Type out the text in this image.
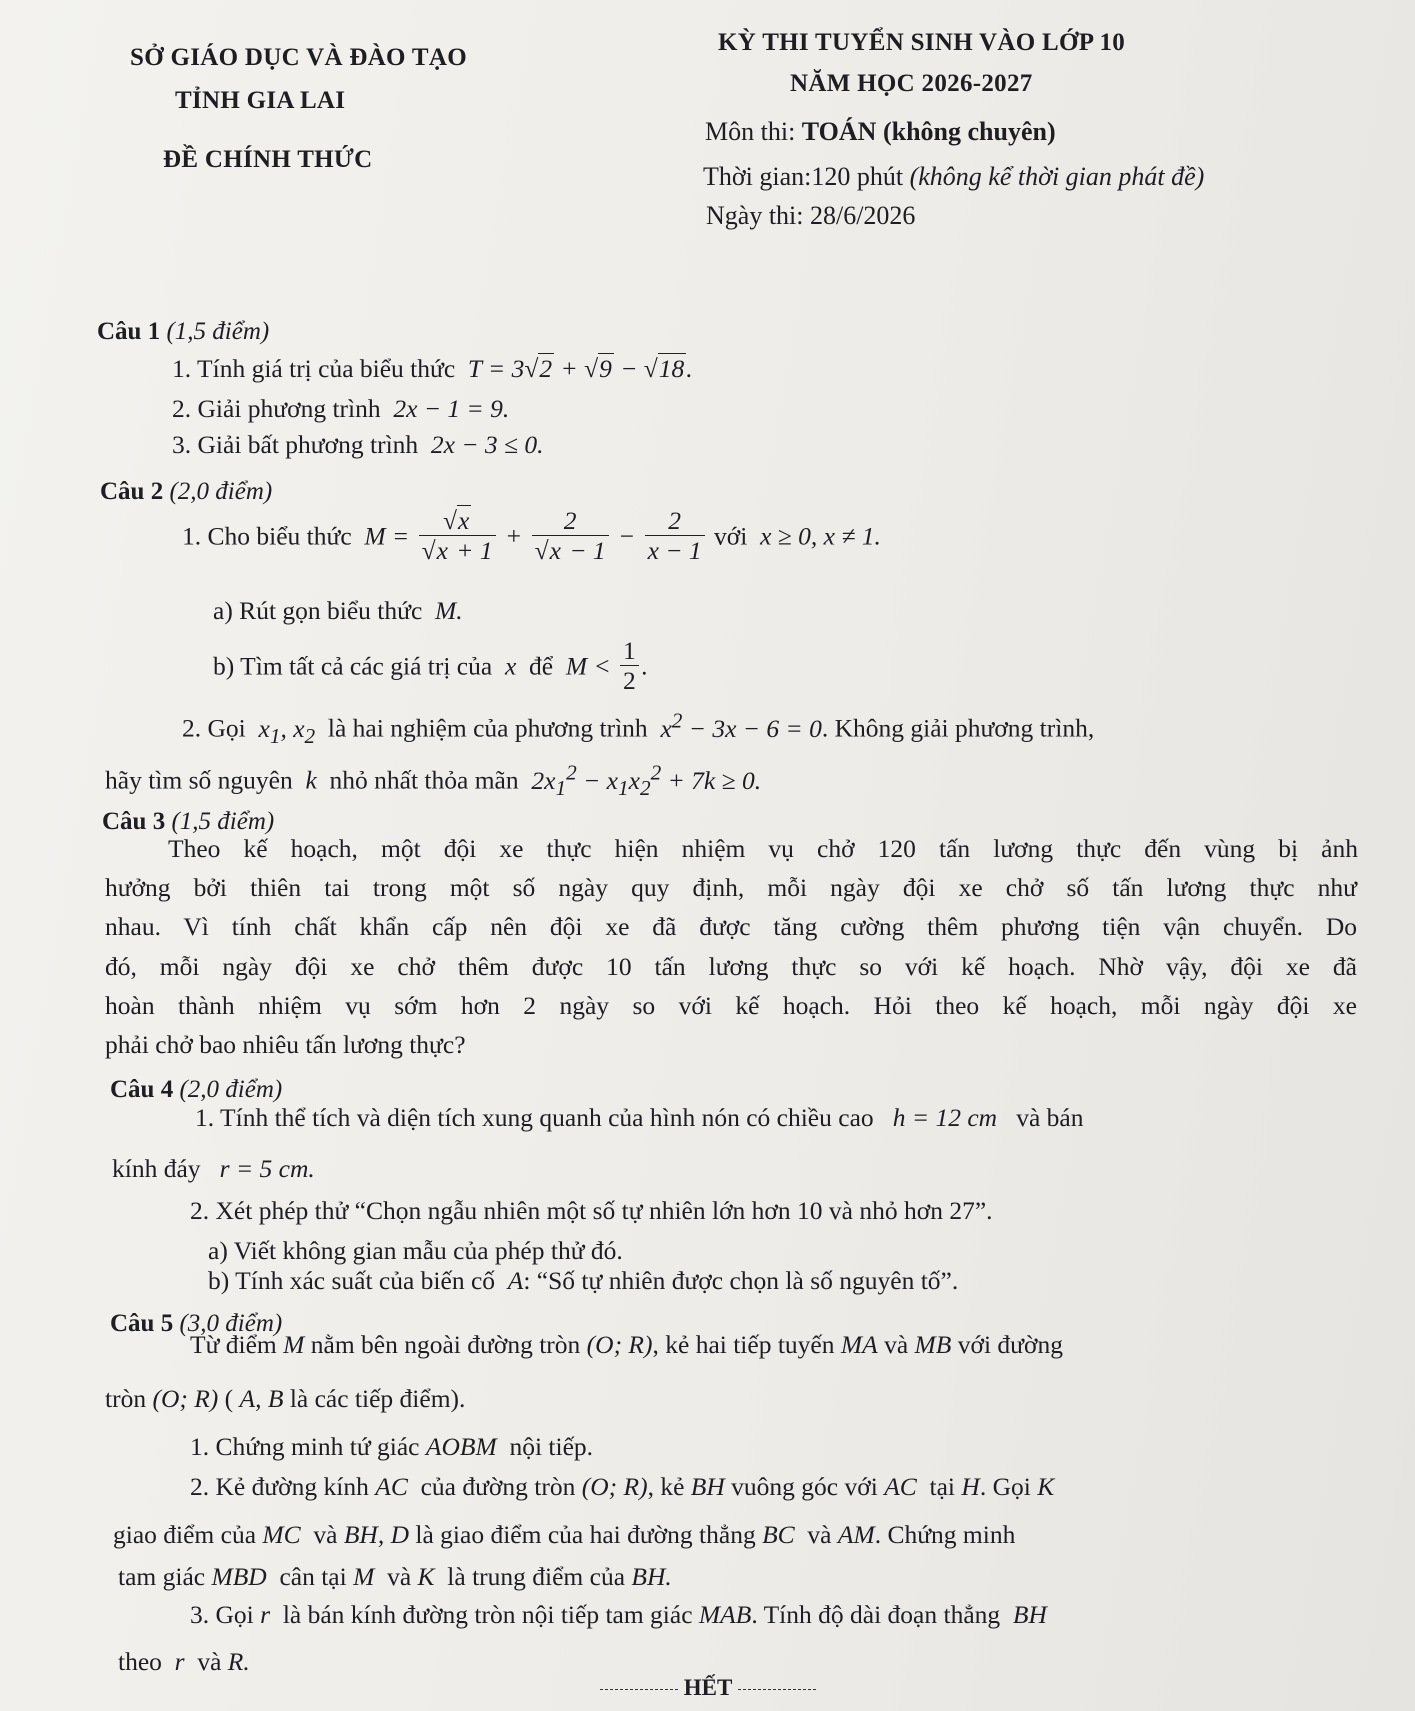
SỞ GIÁO DỤC VÀ ĐÀO TẠO
TỈNH GIA LAI
ĐỀ CHÍNH THỨC
KỲ THI TUYỂN SINH VÀO LỚP 10
NĂM HỌC 2026-2027
Môn thi: TOÁN (không chuyên)
Thời gian:120 phút (không kể thời gian phát đề)
Ngày thi: 28/6/2026
Câu 1 (1,5 điểm)
1. Tính giá trị của biểu thức  T = 3√2 + √9 − √18.
2. Giải phương trình  2x − 1 = 9.
3. Giải bất phương trình  2x − 3 ≤ 0.
Câu 2 (2,0 điểm)
1. Cho biểu thức  $M = \frac{√x}{√x + 1} + \frac{2}{√x - 1} - \frac{2}{x - 1}$ với  x ≥ 0, x ≠ 1.
a) Rút gọn biểu thức  M.
b) Tìm tất cả các giá trị của  x  để  $M < \frac{1}{2}$ .
2. Gọi  $x_1$, $x_2$ là hai nghiệm của phương trình  $x^2 - 3x - 6 = 0$. Không giải phương trình,
hãy tìm số nguyên  k  nhỏ nhất thỏa mãn  $2x_1^2 - x_1x_2^2 + 7k \ge 0$.
Câu 3 (1,5 điểm)
Theo kế hoạch, một đội xe thực hiện nhiệm vụ chở 120 tấn lương thực đến vùng bị ảnh
hưởng bởi thiên tai trong một số ngày quy định, mỗi ngày đội xe chở số tấn lương thực như
nhau. Vì tính chất khẩn cấp nên đội xe đã được tăng cường thêm phương tiện vận chuyển. Do
đó, mỗi ngày đội xe chở thêm được 10 tấn lương thực so với kế hoạch. Nhờ vậy, đội xe đã
hoàn thành nhiệm vụ sớm hơn 2 ngày so với kế hoạch. Hỏi theo kế hoạch, mỗi ngày đội xe
phải chở bao nhiêu tấn lương thực?
Câu 4 (2,0 điểm)
1. Tính thể tích và diện tích xung quanh của hình nón có chiều cao   h = 12 cm   và bán
kính đáy   r = 5 cm.
2. Xét phép thử “Chọn ngẫu nhiên một số tự nhiên lớn hơn 10 và nhỏ hơn 27”.
a) Viết không gian mẫu của phép thử đó.
b) Tính xác suất của biến cố  A: “Số tự nhiên được chọn là số nguyên tố”.
Câu 5 (3,0 điểm)
Từ điểm M nằm bên ngoài đường tròn (O; R), kẻ hai tiếp tuyến MA và MB với đường
tròn (O; R) ( A, B là các tiếp điểm).
1. Chứng minh tứ giác AOBM  nội tiếp.
2. Kẻ đường kính AC  của đường tròn (O; R), kẻ BH vuông góc với AC  tại H. Gọi K
giao điểm của MC  và BH, D là giao điểm của hai đường thẳng BC  và AM. Chứng minh
tam giác MBD  cân tại M  và K  là trung điểm của BH.
3. Gọi r  là bán kính đường tròn nội tiếp tam giác MAB. Tính độ dài đoạn thẳng  BH
theo  r  và R.
HẾT
